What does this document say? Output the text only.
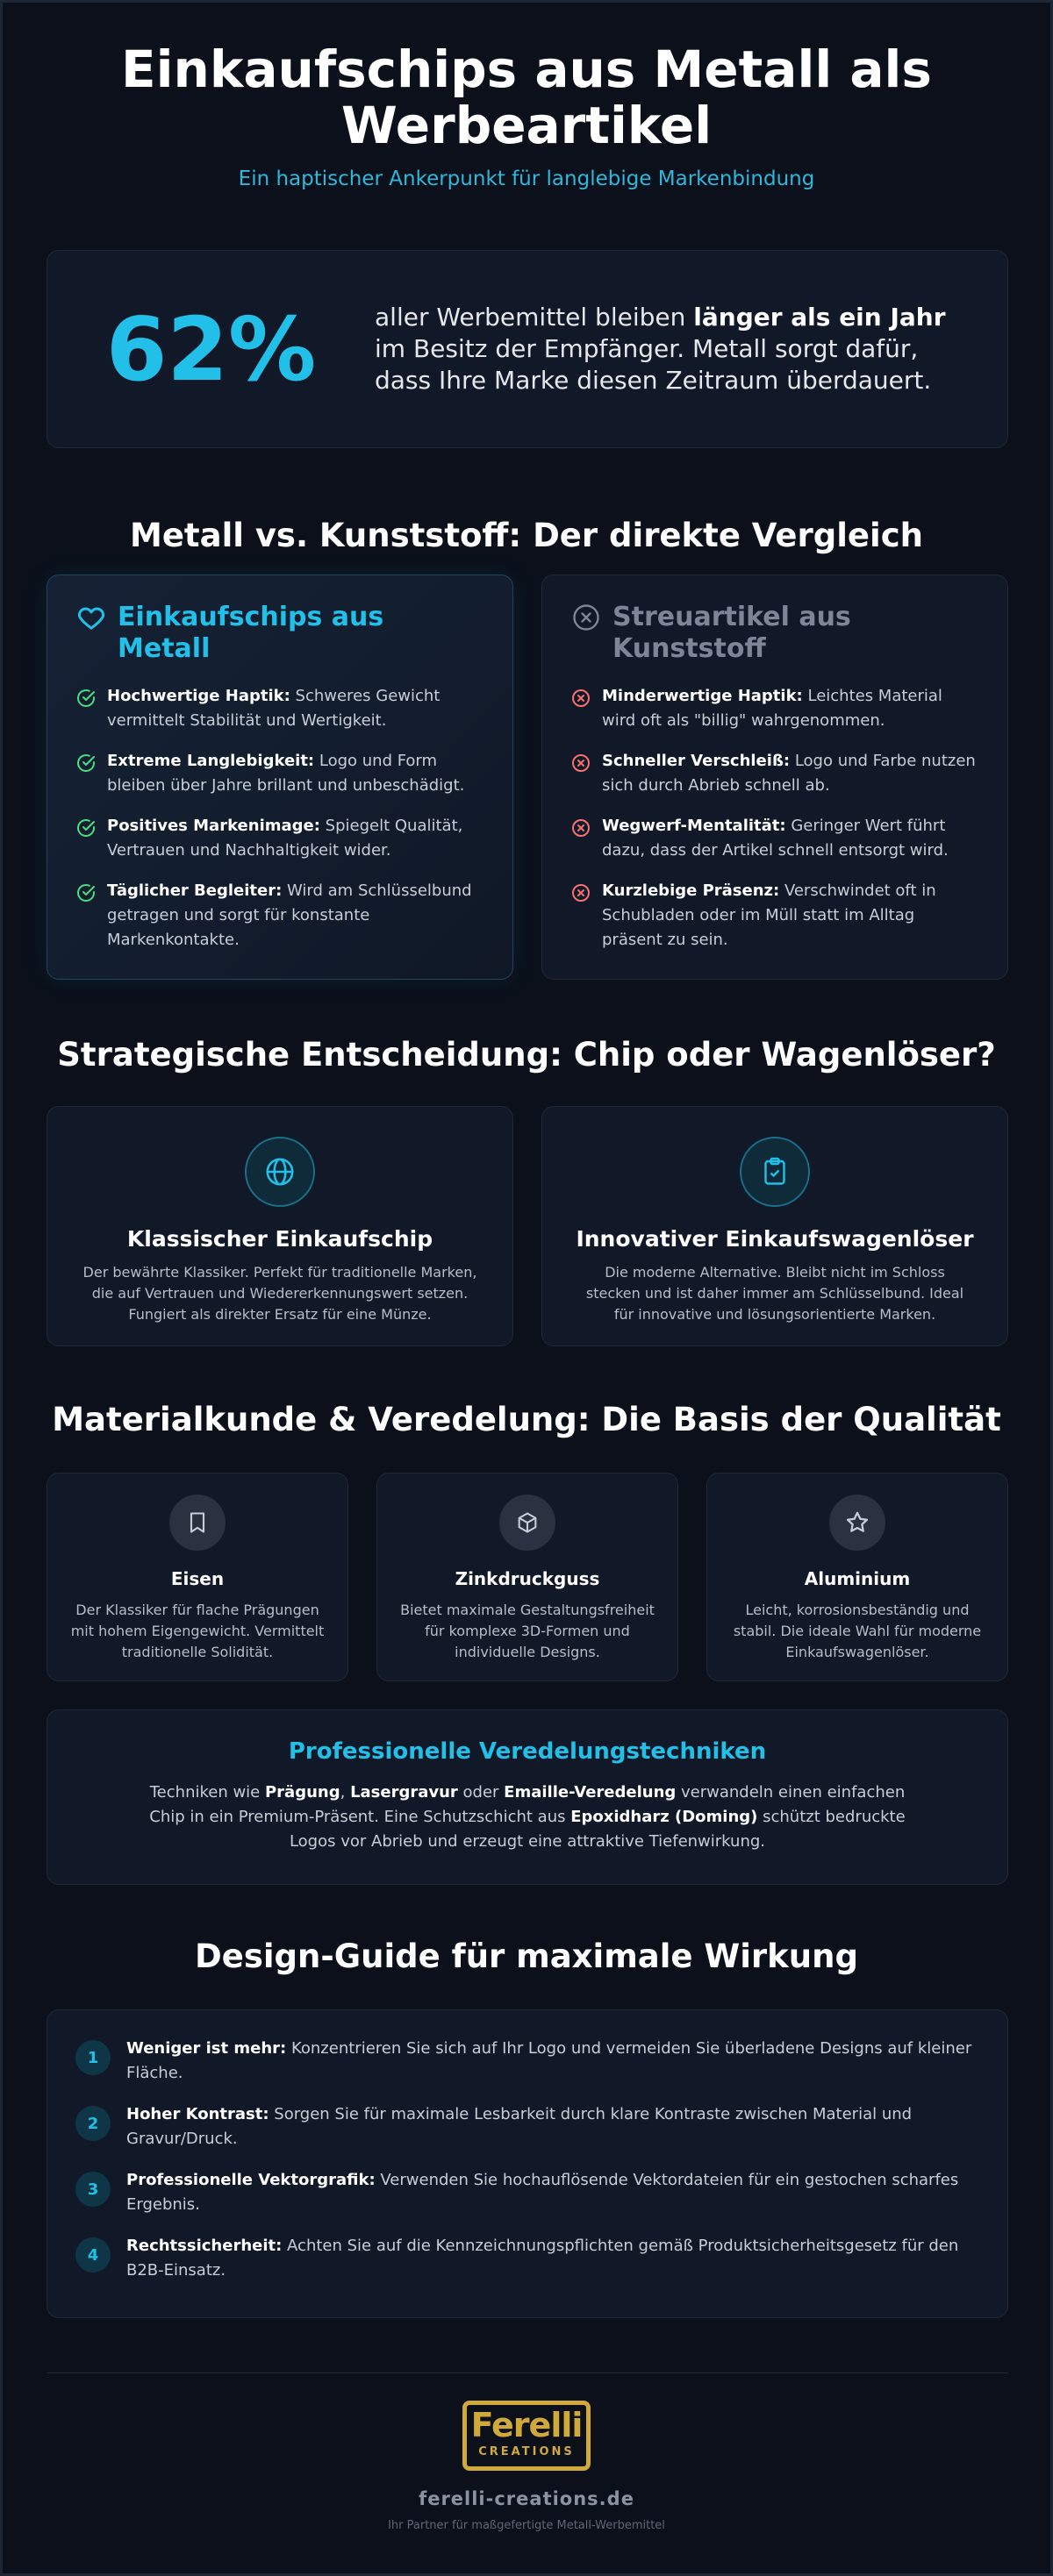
Einkaufschips aus Metall als Werbeartikel
Ein haptischer Ankerpunkt für langlebige Markenbindung
62%	aller Werbemittel bleiben länger als ein Jahr im Besitz der Empfänger. Metall sorgt dafür, dass Ihre Marke diesen Zeitraum überdauert.
Metall vs. Kunststoff: Der direkte Vergleich
Einkaufschips aus Metall
Hochwertige Haptik: Schweres Gewicht vermittelt Stabilität und Wertigkeit.
Extreme Langlebigkeit: Logo und Form bleiben über Jahre brillant und unbeschädigt.
Positives Markenimage: Spiegelt Qualität, Vertrauen und Nachhaltigkeit wider.
Täglicher Begleiter: Wird am Schlüsselbund getragen und sorgt für konstante Markenkontakte.
Streuartikel aus Kunststoff
Minderwertige Haptik: Leichtes Material wird oft als "billig" wahrgenommen.
Schneller Verschleiß: Logo und Farbe nutzen sich durch Abrieb schnell ab.
Wegwerf-Mentalität: Geringer Wert führt dazu, dass der Artikel schnell entsorgt wird.
Kurzlebige Präsenz: Verschwindet oft in Schubladen oder im Müll statt im Alltag präsent zu sein.
Strategische Entscheidung: Chip oder Wagenlöser?
Klassischer Einkaufschip

Der bewährte Klassiker. Perfekt für traditionelle Marken, die auf Vertrauen und Wiedererkennungswert setzen. Fungiert als direkter Ersatz für eine Münze.

Innovativer Einkaufswagenlöser

Die moderne Alternative. Bleibt nicht im Schloss stecken und ist daher immer am Schlüsselbund. Ideal für innovative und lösungsorientierte Marken.

Materialkunde & Veredelung: Die Basis der Qualität
Eisen

Der Klassiker für flache Prägungen mit hohem Eigengewicht. Vermittelt traditionelle Solidität.

Zinkdruckguss

Bietet maximale Gestaltungsfreiheit für komplexe 3D-Formen und individuelle Designs.

Aluminium

Leicht, korrosionsbeständig und stabil. Die ideale Wahl für moderne Einkaufswagenlöser.

Professionelle Veredelungstechniken

Techniken wie Prägung, Lasergravur oder Emaille-Veredelung verwandeln einen einfachen Chip in ein Premium-Präsent. Eine Schutzschicht aus Epoxidharz (Doming) schützt bedruckte Logos vor Abrieb und erzeugt eine attraktive Tiefenwirkung.

Design-Guide für maximale Wirkung
1	Weniger ist mehr: Konzentrieren Sie sich auf Ihr Logo und vermeiden Sie überladene Designs auf kleiner Fläche.
2	Hoher Kontrast: Sorgen Sie für maximale Lesbarkeit durch klare Kontraste zwischen Material und Gravur/Druck.
3	Professionelle Vektorgrafik: Verwenden Sie hochauflösende Vektordateien für ein gestochen scharfes Ergebnis.
4	Rechtssicherheit: Achten Sie auf die Kennzeichnungspflichten gemäß Produktsicherheitsgesetz für den B2B-Einsatz.
Ferelli
CREATIONS
ferelli-creations.de
Ihr Partner für maßgefertigte Metall-Werbemittel
